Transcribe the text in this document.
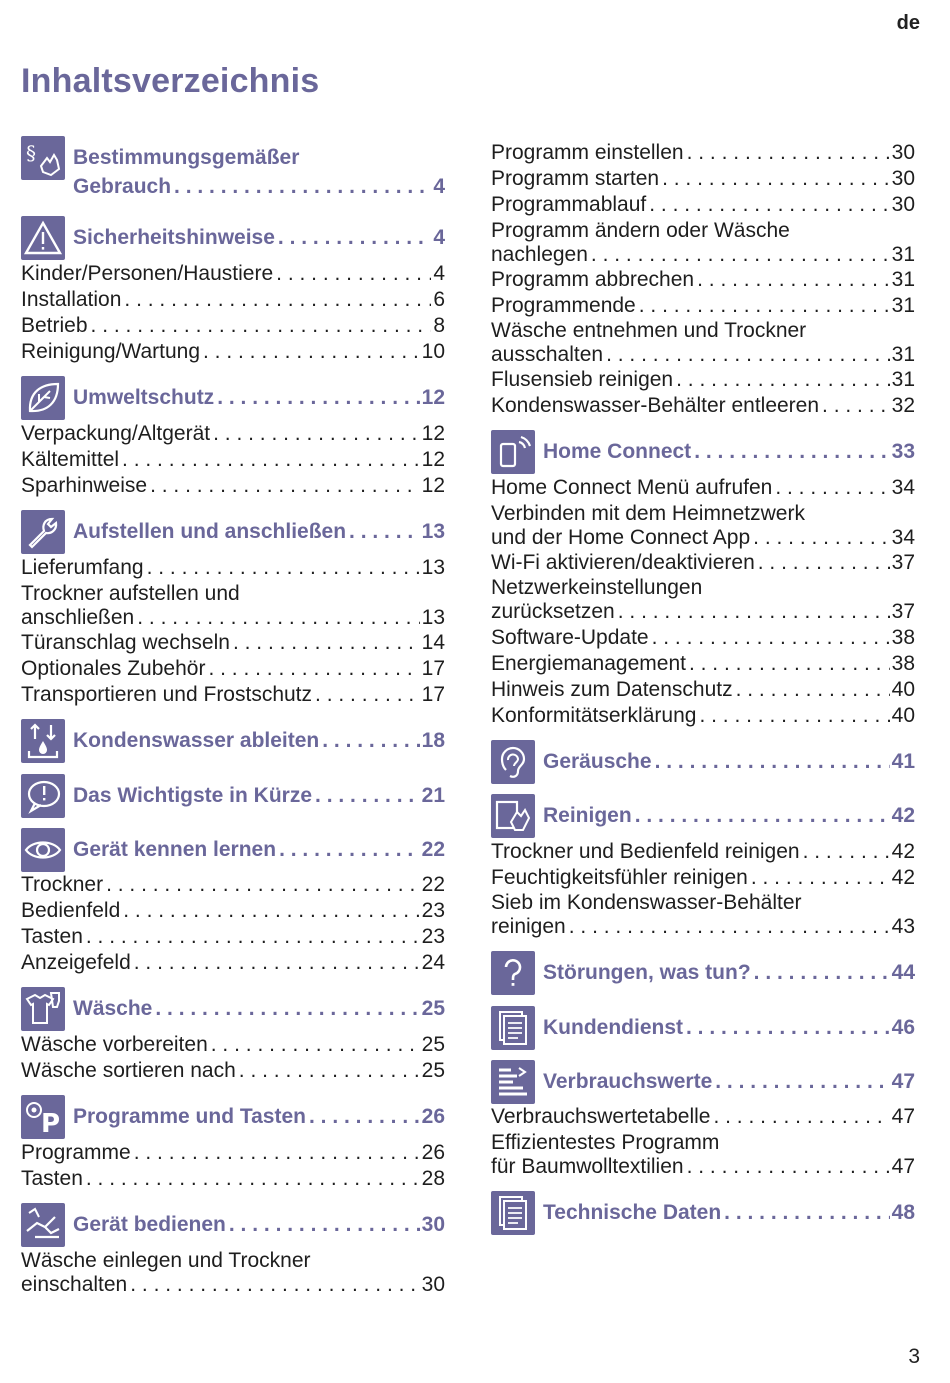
de
Inhaltsverzeichnis
§ Bestimmungsgemäßer
Gebrauch . . .	4
Sicherheitshinweise . . .	4
Kinder/Personen/Haustiere . . .	4
Installation . . .	6
Betrieb . . .	8
Reinigung/Wartung . . .	10
Umweltschutz . . .	12
Verpackung/Altgerät . . .	12
Kältemittel . . .	12
Sparhinweise . . .	12
Aufstellen und anschließen . . .	13
Lieferumfang . . .	13
Trockner aufstellen und
anschließen . . .	13
Türanschlag wechseln . . .	14
Optionales Zubehör . . .	17
Transportieren und Frostschutz . . .	17
Kondenswasser ableiten . . .	18
Das Wichtigste in Kürze . . .	21
Gerät kennen lernen . . .	22
Trockner . . .	22
Bedienfeld . . .	23
Tasten . . .	23
Anzeigefeld . . .	24
Wäsche . . .	25
Wäsche vorbereiten . . .	25
Wäsche sortieren nach . . .	25
P Programme und Tasten . . .	26
Programme . . .	26
Tasten . . .	28
Gerät bedienen . . .	30
Wäsche einlegen und Trockner
einschalten . . .	30
Programm einstellen . . .	30
Programm starten . . .	30
Programmablauf . . .	30
Programm ändern oder Wäsche
nachlegen . . .	31
Programm abbrechen . . .	31
Programmende . . .	31
Wäsche entnehmen und Trockner
ausschalten . . .	31
Flusensieb reinigen . . .	31
Kondenswasser-Behälter entleeren . . .	32
Home Connect . . .	33
Home Connect Menü aufrufen . . .	34
Verbinden mit dem Heimnetzwerk
und der Home Connect App . . .	34
Wi-Fi aktivieren/deaktivieren . . .	37
Netzwerkeinstellungen
zurücksetzen . . .	37
Software-Update . . .	38
Energiemanagement . . .	38
Hinweis zum Datenschutz . . .	40
Konformitätserklärung . . .	40
Geräusche . . .	41
Reinigen . . .	42
Trockner und Bedienfeld reinigen . . .	42
Feuchtigkeitsfühler reinigen . . .	42
Sieb im Kondenswasser-Behälter
reinigen . . .	43
Störungen, was tun? . . .	44
Kundendienst . . .	46
Verbrauchswerte . . .	47
Verbrauchswertetabelle . . .	47
Effizientestes Programm
für Baumwolltextilien . . .	47
Technische Daten . . .	48
3
